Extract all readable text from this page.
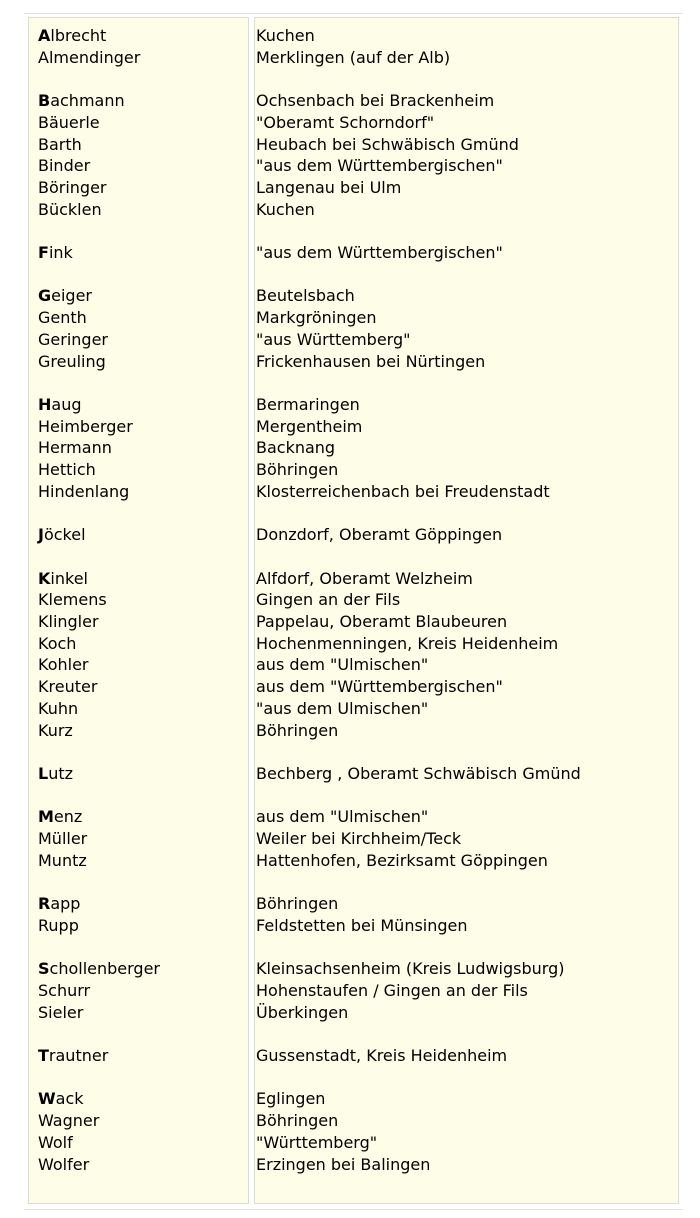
Albrecht
Almendinger
Bachmann
Bäuerle
Barth
Binder
Böringer
Bücklen
Fink
Geiger
Genth
Geringer
Greuling
Haug
Heimberger
Hermann
Hettich
Hindenlang
Jöckel
Kinkel
Klemens
Klingler
Koch
Kohler
Kreuter
Kuhn
Kurz
Lutz
Menz
Müller
Muntz
Rapp
Rupp
Schollenberger
Schurr
Sieler
Trautner
Wack
Wagner
Wolf
Wolfer
Kuchen
Merklingen (auf der Alb)
Ochsenbach bei Brackenheim
"Oberamt Schorndorf"
Heubach bei Schwäbisch Gmünd
"aus dem Württembergischen"
Langenau bei Ulm
Kuchen
"aus dem Württembergischen"
Beutelsbach
Markgröningen
"aus Württemberg"
Frickenhausen bei Nürtingen
Bermaringen
Mergentheim
Backnang
Böhringen
Klosterreichenbach bei Freudenstadt
Donzdorf, Oberamt Göppingen
Alfdorf, Oberamt Welzheim
Gingen an der Fils
Pappelau, Oberamt Blaubeuren
Hochenmenningen, Kreis Heidenheim
aus dem "Ulmischen"
aus dem "Württembergischen"
"aus dem Ulmischen"
Böhringen
Bechberg , Oberamt Schwäbisch Gmünd
aus dem "Ulmischen"
Weiler bei Kirchheim/Teck
Hattenhofen, Bezirksamt Göppingen
Böhringen
Feldstetten bei Münsingen
Kleinsachsenheim (Kreis Ludwigsburg)
Hohenstaufen / Gingen an der Fils
Überkingen
Gussenstadt, Kreis Heidenheim
Eglingen
Böhringen
"Württemberg"
Erzingen bei Balingen
